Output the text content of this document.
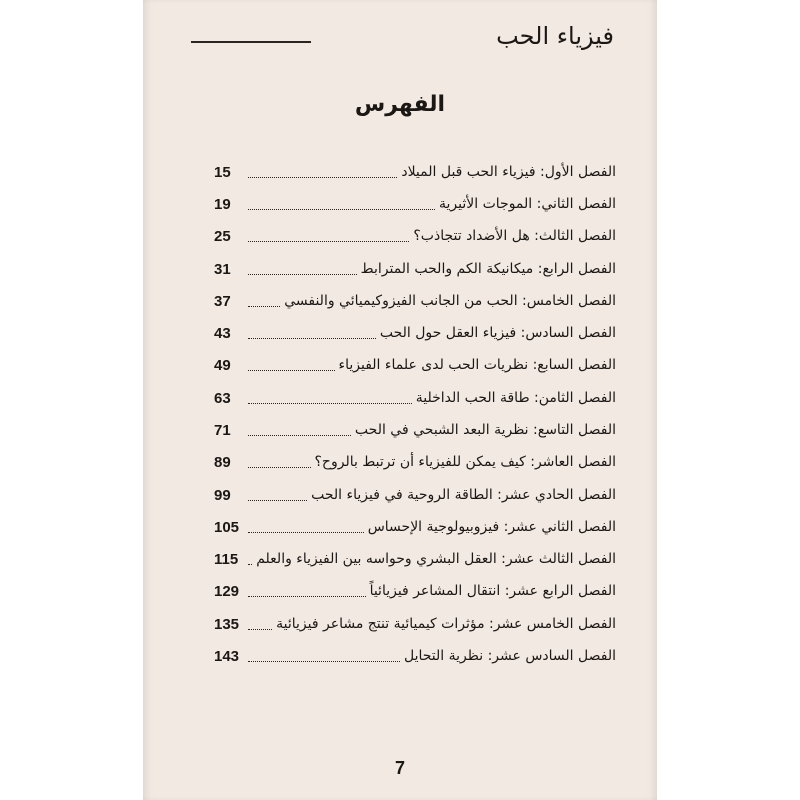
فيزياء الحب
الفهرس
15	الفصل الأول: فيزياء الحب قبل الميلاد
19	الفصل الثاني: الموجات الأثيرية
25	الفصل الثالث: هل الأضداد تتجاذب؟
31	الفصل الرابع: ميكانيكة الكم والحب المترابط
37	الفصل الخامس: الحب من الجانب الفيزوكيميائي والنفسي
43	الفصل السادس: فيزياء العقل حول الحب
49	الفصل السابع: نظريات الحب لدى علماء الفيزياء
63	الفصل الثامن: طاقة الحب الداخلية
71	الفصل التاسع: نظرية البعد الشبحي في الحب
89	الفصل العاشر: كيف يمكن للفيزياء أن ترتبط بالروح؟
99	الفصل الحادي عشر: الطاقة الروحية في فيزياء الحب
105	الفصل الثاني عشر: فيزوبيولوجية الإحساس
115	الفصل الثالث عشر: العقل البشري وحواسه بين الفيزياء والعلم
129	الفصل الرابع عشر: انتقال المشاعر فيزيائياً
135	الفصل الخامس عشر: مؤثرات كيميائية تنتج مشاعر فيزيائية
143	الفصل السادس عشر: نظرية التحايل
7
